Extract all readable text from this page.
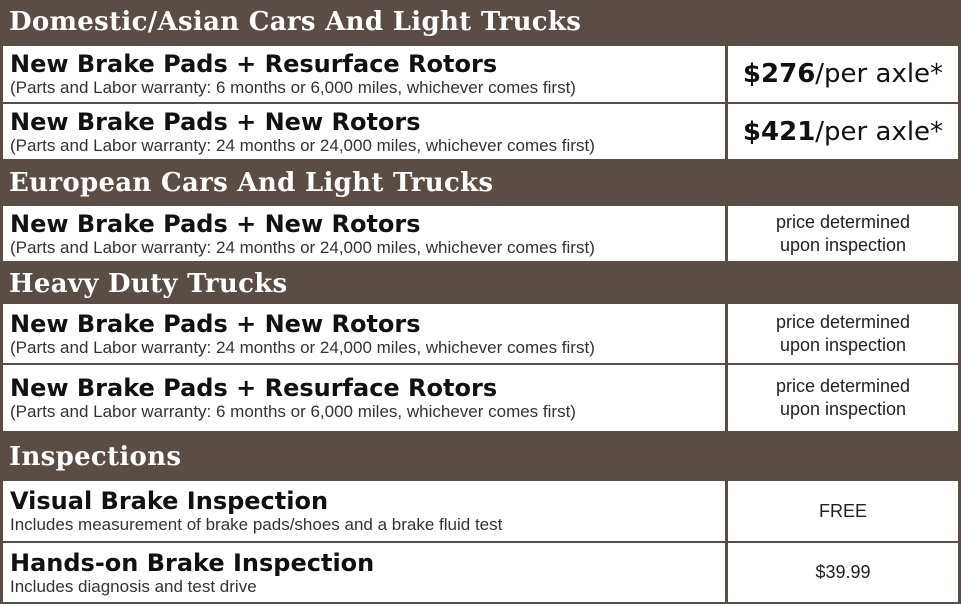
Domestic/Asian Cars And Light Trucks
New Brake Pads + Resurface Rotors
(Parts and Labor warranty: 6 months or 6,000 miles, whichever comes first)	$276/per axle*
New Brake Pads + New Rotors
(Parts and Labor warranty: 24 months or 24,000 miles, whichever comes first)	$421/per axle*
European Cars And Light Trucks
New Brake Pads + New Rotors
(Parts and Labor warranty: 24 months or 24,000 miles, whichever comes first)
price determined
upon inspection
Heavy Duty Trucks
New Brake Pads + New Rotors
(Parts and Labor warranty: 24 months or 24,000 miles, whichever comes first)
price determined
upon inspection
New Brake Pads + Resurface Rotors
(Parts and Labor warranty: 6 months or 6,000 miles, whichever comes first)
price determined
upon inspection
Inspections
Visual Brake Inspection
Includes measurement of brake pads/shoes and a brake fluid test
FREE
Hands-on Brake Inspection
Includes diagnosis and test drive
$39.99
